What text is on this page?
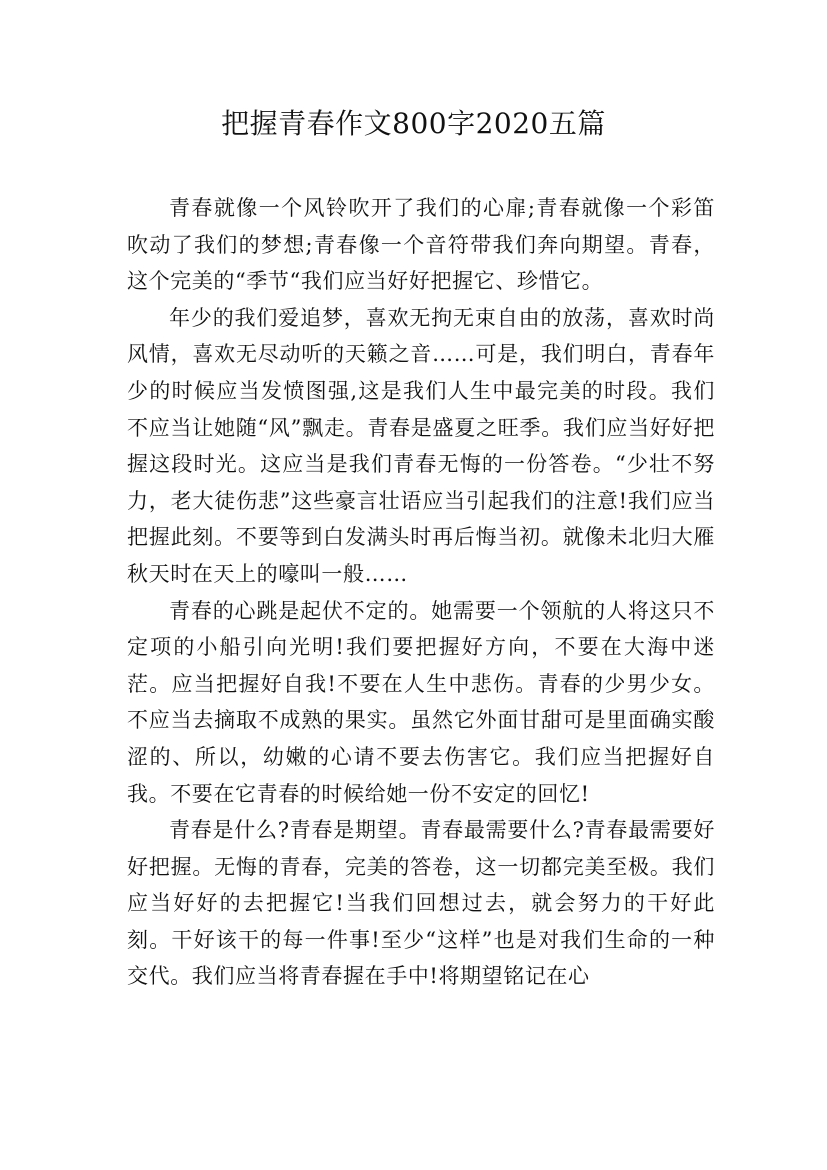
把握青春作文800字2020五篇

青春就像一个风铃吹开了我们的心扉;青春就像一个彩笛吹动了我们的梦想;青春像一个音符带我们奔向期望。青春，这个完美的“季节“我们应当好好把握它、珍惜它。

年少的我们爱追梦，喜欢无拘无束自由的放荡，喜欢时尚风情，喜欢无尽动听的天籁之音……可是，我们明白，青春年少的时候应当发愤图强,这是我们人生中最完美的时段。我们不应当让她随“风”飘走。青春是盛夏之旺季。我们应当好好把握这段时光。这应当是我们青春无悔的一份答卷。“少壮不努力，老大徒伤悲”这些豪言壮语应当引起我们的注意!我们应当把握此刻。不要等到白发满头时再后悔当初。就像未北归大雁秋天时在天上的嚎叫一般……

青春的心跳是起伏不定的。她需要一个领航的人将这只不定项的小船引向光明!我们要把握好方向，不要在大海中迷茫。应当把握好自我!不要在人生中悲伤。青春的少男少女。不应当去摘取不成熟的果实。虽然它外面甘甜可是里面确实酸涩的、所以，幼嫩的心请不要去伤害它。我们应当把握好自我。不要在它青春的时候给她一份不安定的回忆!

青春是什么?青春是期望。青春最需要什么?青春最需要好好把握。无悔的青春，完美的答卷，这一切都完美至极。我们应当好好的去把握它!当我们回想过去，就会努力的干好此刻。干好该干的每一件事!至少“这样”也是对我们生命的一种交代。我们应当将青春握在手中!将期望铭记在心
